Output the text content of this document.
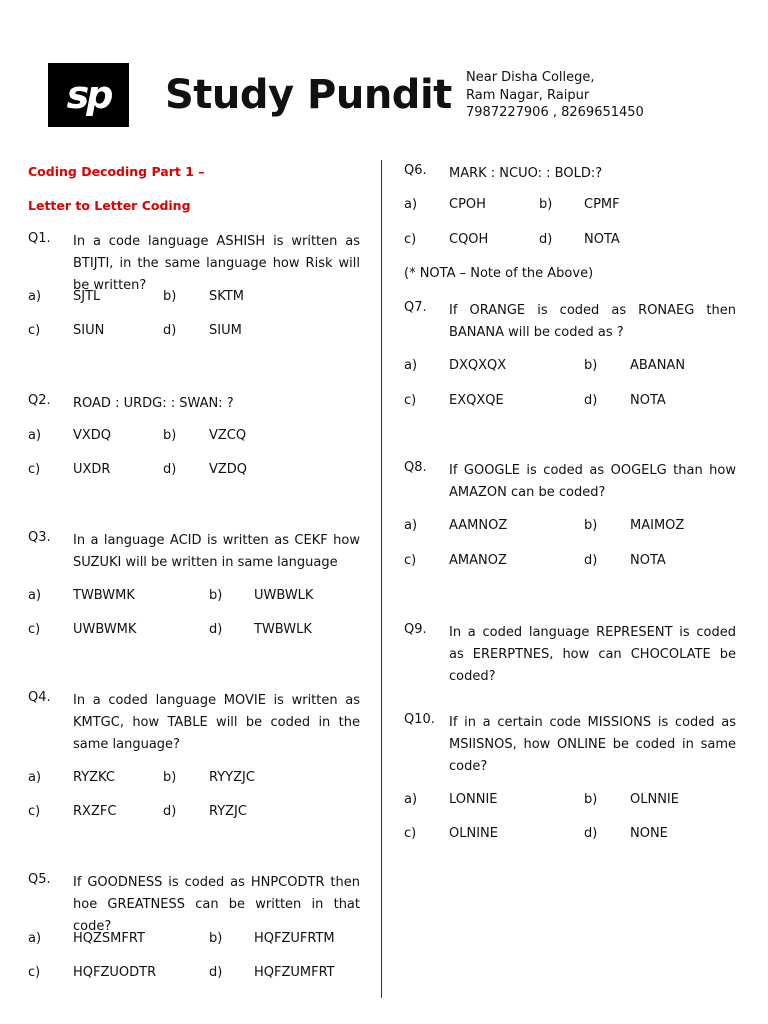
sp Study Pundit Near Disha College,
Ram Nagar, Raipur
7987227906 , 8269651450
Coding Decoding Part 1 –
Letter to Letter Coding
Q1. In a code language ASHISH is written as BTIJTI, in the same language how Risk will be written?
a) SJTL	b)	SKTM
c)	SIUN	d)	SIUM
Q2. ROAD : URDG: : SWAN: ?
a) VXDQ	b)	VZCQ
c)	UXDR	d)	VZDQ
Q3. In a language ACID is written as CEKF how SUZUKI will be written in same language
a) TWBWMK	b) UWBWLK
c)	UWBWMK	d) TWBWLK
Q4. In a coded language MOVIE is written as KMTGC, how TABLE will be coded in the same language?
a) RYZKC	b)	RYYZJC
c)	RXZFC	d)	RYZJC
Q5. If GOODNESS is coded as HNPCODTR then hoe GREATNESS can be written in that code?
a) HQZSMFRT	b) HQFZUFRTM
c)	HQFZUODTR	d) HQFZUMFRT
Q6. MARK : NCUO: : BOLD:?
a) CPOH	b) CPMF
c)	CQOH	d) NOTA
(* NOTA – Note of the Above)
Q7. If ORANGE is coded as RONAEG then BANANA will be coded as ?
a) DXQXQX	b)	ABANAN
c)	EXQXQE	d)	NOTA
Q8. If GOOGLE is coded as OOGELG than how AMAZON can be coded?
a) AAMNOZ	b)	MAIMOZ
c)	AMANOZ	d)	NOTA
Q9. In a coded language REPRESENT is coded as ERERPTNES, how can CHOCOLATE be coded?
Q10. If in a certain code MISSIONS is coded as MSIISNOS, how ONLINE be coded in same code?
a) LONNIE	b)	OLNNIE
c)	OLNINE	d)	NONE
